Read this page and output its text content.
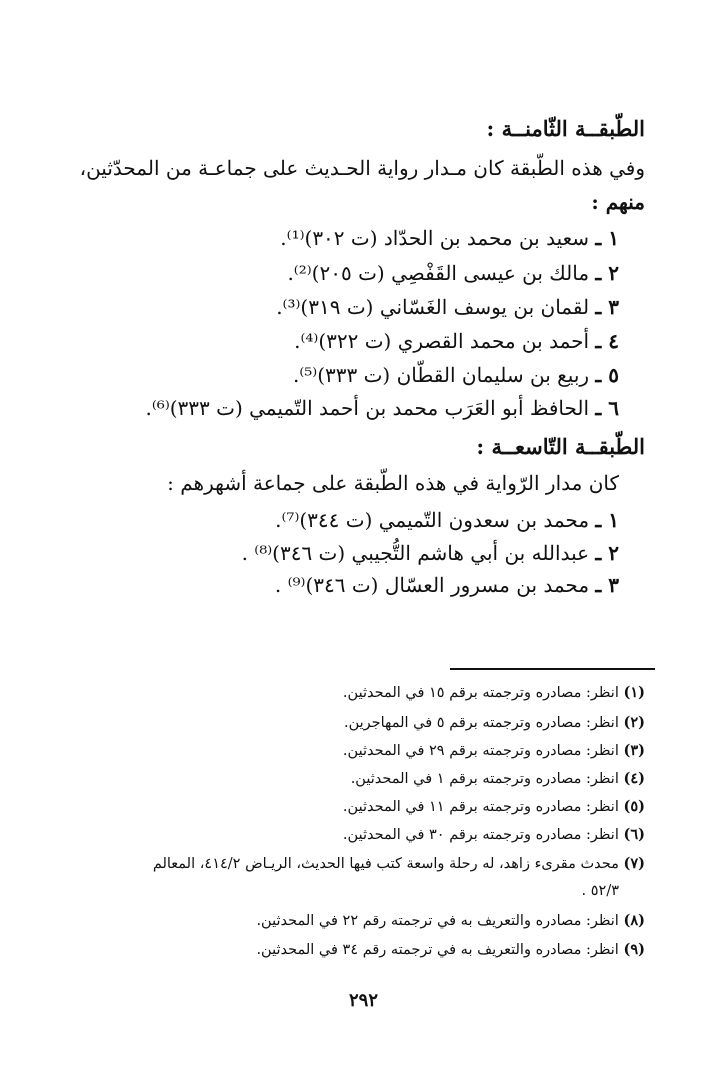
الطّبقــة الثّامنــة :
وفي هذه الطّبقة كان مـدار رواية الحـديث على جماعـة من المحدّثين،
منهم :
١ ـ سعيد بن محمد بن الحدّاد (ت ٣٠٢)⁽¹⁾.
٢ ـ مالك بن عيسى القَفْصِي (ت ٢٠٥)⁽²⁾.
٣ ـ لقمان بن يوسف الغَسّاني (ت ٣١٩)⁽³⁾.
٤ ـ أحمد بن محمد القصري (ت ٣٢٢)⁽⁴⁾.
٥ ـ ربيع بن سليمان القطّان (ت ٣٣٣)⁽⁵⁾.
٦ ـ الحافظ أبو العَرَب محمد بن أحمد التّميمي (ت ٣٣٣)⁽⁶⁾.
الطّبقــة التّاسعــة :
كان مدار الرّواية في هذه الطّبقة على جماعة أشهرهم :
١ ـ محمد بن سعدون التّميمي (ت ٣٤٤)⁽⁷⁾.
٢ ـ عبدالله بن أبي هاشم التُّجيبي (ت ٣٤٦)⁽⁸⁾ .
٣ ـ محمد بن مسرور العسّال (ت ٣٤٦)⁽⁹⁾ .
(١) انظر: مصادره وترجمته برقم ١٥ في المحدثين.
(٢) انظر: مصادره وترجمته برقم ٥ في المهاجرين.
(٣) انظر: مصادره وترجمته برقم ٢٩ في المحدثين.
(٤) انظر: مصادره وترجمته برقم ١ في المحدثين.
(٥) انظر: مصادره وترجمته برقم ١١ في المحدثين.
(٦) انظر: مصادره وترجمته برقم ٣٠ في المحدثين.
(٧) محدث مقرىء زاهد، له رحلة واسعة كتب فيها الحديث، الريـاض ٤١٤/٢، المعالم
٥٢/٣ .
(٨) انظر: مصادره والتعريف به في ترجمته رقم ٢٢ في المحدثين.
(٩) انظر: مصادره والتعريف به في ترجمته رقم ٣٤ في المحدثين.
٢٩٢
